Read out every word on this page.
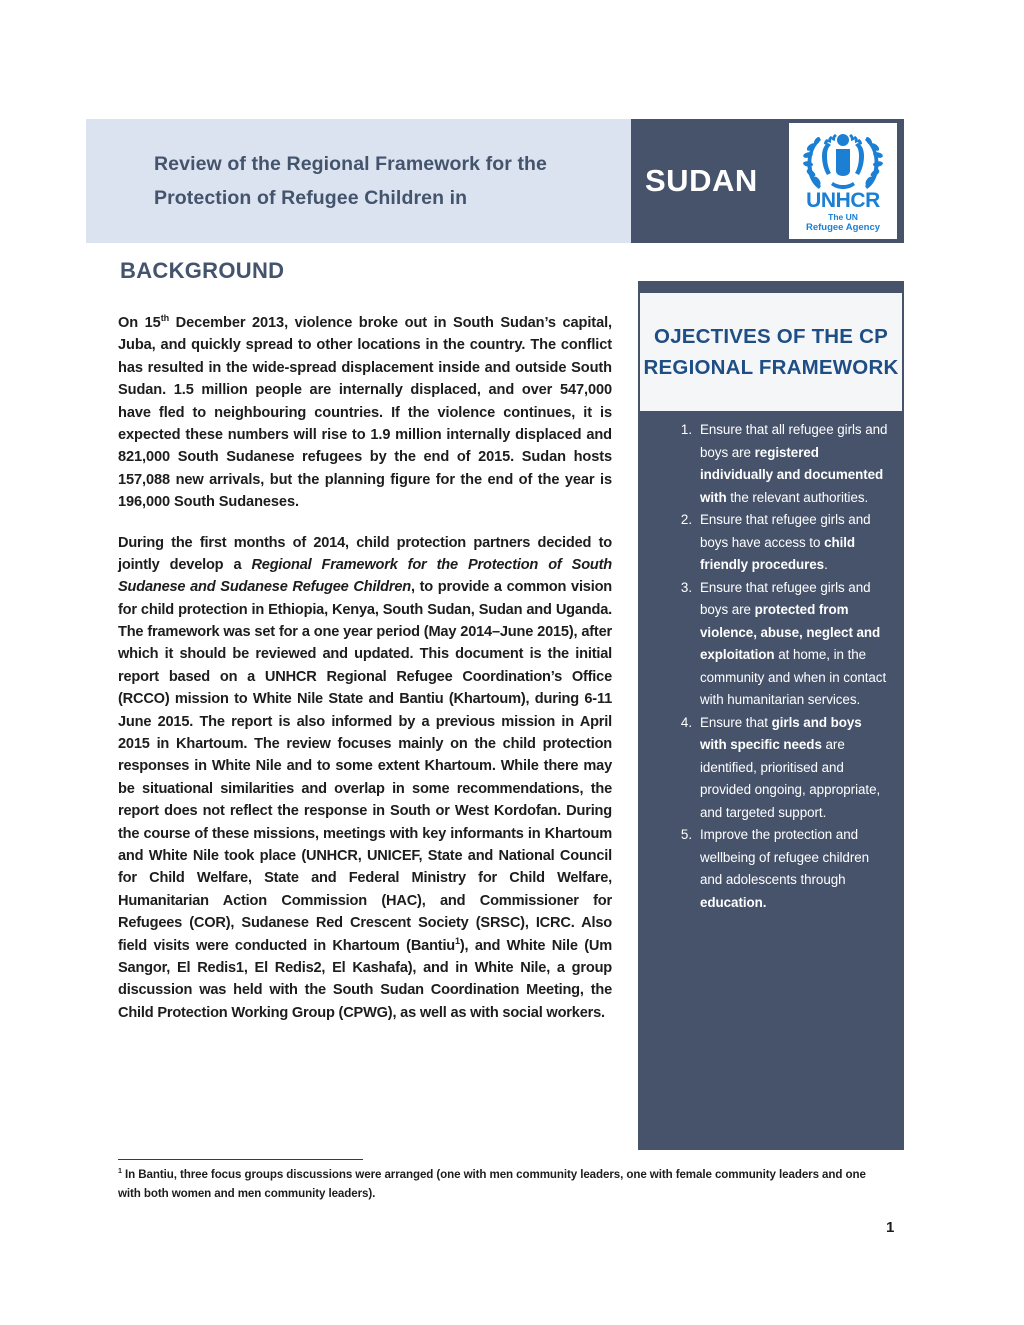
Review of the Regional Framework for the Protection of Refugee Children in	SUDAN
UNHCR
The UN
Refugee Agency
BACKGROUND

On 15th December 2013, violence broke out in South Sudan’s capital, Juba, and quickly spread to other locations in the country. The conflict has resulted in the wide-spread displacement inside and outside South Sudan. 1.5 million people are internally displaced, and over 547,000 have fled to neighbouring countries. If the violence continues, it is expected these numbers will rise to 1.9 million internally displaced and 821,000 South Sudanese refugees by the end of 2015. Sudan hosts 157,088 new arrivals, but the planning figure for the end of the year is 196,000 South Sudaneses.

During the first months of 2014, child protection partners decided to jointly develop a Regional Framework for the Protection of South Sudanese and Sudanese Refugee Children, to provide a common vision for child protection in Ethiopia, Kenya, South Sudan, Sudan and Uganda. The framework was set for a one year period (May 2014–June 2015), after which it should be reviewed and updated. This document is the initial report based on a UNHCR Regional Refugee Coordination’s Office (RCCO) mission to White Nile State and Bantiu (Khartoum), during 6-11 June 2015. The report is also informed by a previous mission in April 2015 in Khartoum. The review focuses mainly on the child protection responses in White Nile and to some extent Khartoum. While there may be situational similarities and overlap in some recommendations, the report does not reflect the response in South or West Kordofan. During the course of these missions, meetings with key informants in Khartoum and White Nile took place (UNHCR, UNICEF, State and National Council for Child Welfare, State and Federal Ministry for Child Welfare, Humanitarian Action Commission (HAC), and Commissioner for Refugees (COR), Sudanese Red Crescent Society (SRSC), ICRC. Also field visits were conducted in Khartoum (Bantiu$^1$), and White Nile (Um Sangor, El Redis1, El Redis2, El Kashafa), and in White Nile, a group discussion was held with the South Sudan Coordination Meeting, the Child Protection Working Group (CPWG), as well as with social workers.

OJECTIVES OF THE CP REGIONAL FRAMEWORK
1. Ensure that all refugee girls and boys are registered individually and documented with the relevant authorities.
2. Ensure that refugee girls and boys have access to child friendly procedures.
3. Ensure that refugee girls and boys are protected from violence, abuse, neglect and exploitation at home, in the community and when in contact with humanitarian services.
4. Ensure that girls and boys with specific needs are identified, prioritised and provided ongoing, appropriate, and targeted support.
5. Improve the protection and wellbeing of refugee children and adolescents through education.
$^1$ In Bantiu, three focus groups discussions were arranged (one with men community leaders, one with female community leaders and one with both women and men community leaders).
1
